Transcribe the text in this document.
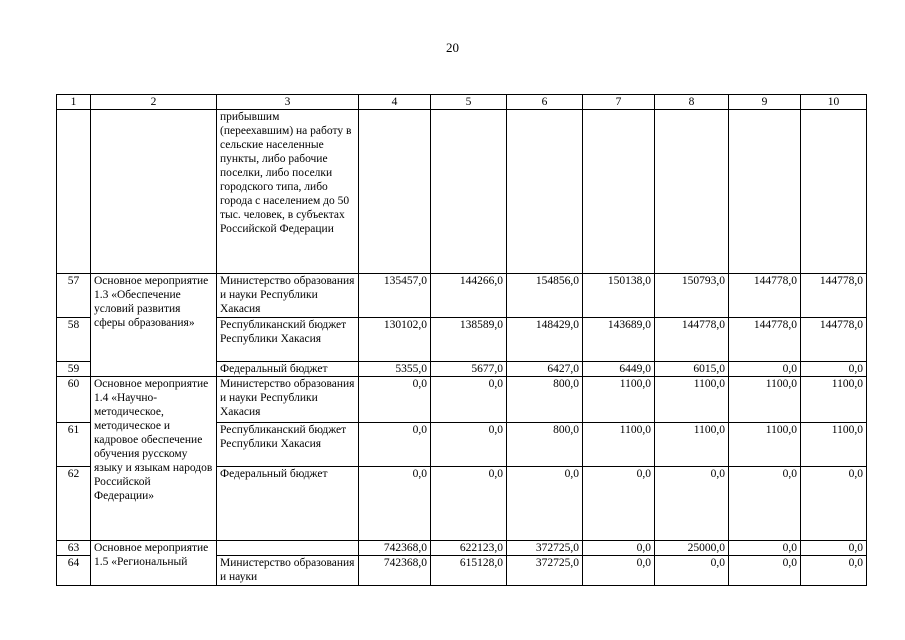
20
1	2	3	4	5	6	7	8	9	10
		прибывшим (переехавшим) на работу в сельские населенные пункты, либо рабочие поселки, либо поселки городского типа, либо города с населением до 50 тыс. человек, в субъектах Российской Федерации							
57	Основное мероприятие 1.3 «Обеспечение условий развития сферы образования»	Министерство образования и науки Республики Хакасия	135457,0	144266,0	154856,0	150138,0	150793,0	144778,0	144778,0
58		Республиканский бюджет Республики Хакасия	130102,0	138589,0	148429,0	143689,0	144778,0	144778,0	144778,0
59		Федеральный бюджет	5355,0	5677,0	6427,0	6449,0	6015,0	0,0	0,0
60	Основное мероприятие 1.4 «Научно-методическое, методическое и кадровое обеспечение обучения русскому языку и языкам народов Российской Федерации»	Министерство образования и науки Республики Хакасия	0,0	0,0	800,0	1100,0	1100,0	1100,0	1100,0
61		Республиканский бюджет Республики Хакасия	0,0	0,0	800,0	1100,0	1100,0	1100,0	1100,0
62		Федеральный бюджет	0,0	0,0	0,0	0,0	0,0	0,0	0,0
63	Основное мероприятие 1.5 «Региональный		742368,0	622123,0	372725,0	0,0	25000,0	0,0	0,0
64		Министерство образования и науки	742368,0	615128,0	372725,0	0,0	0,0	0,0	0,0
